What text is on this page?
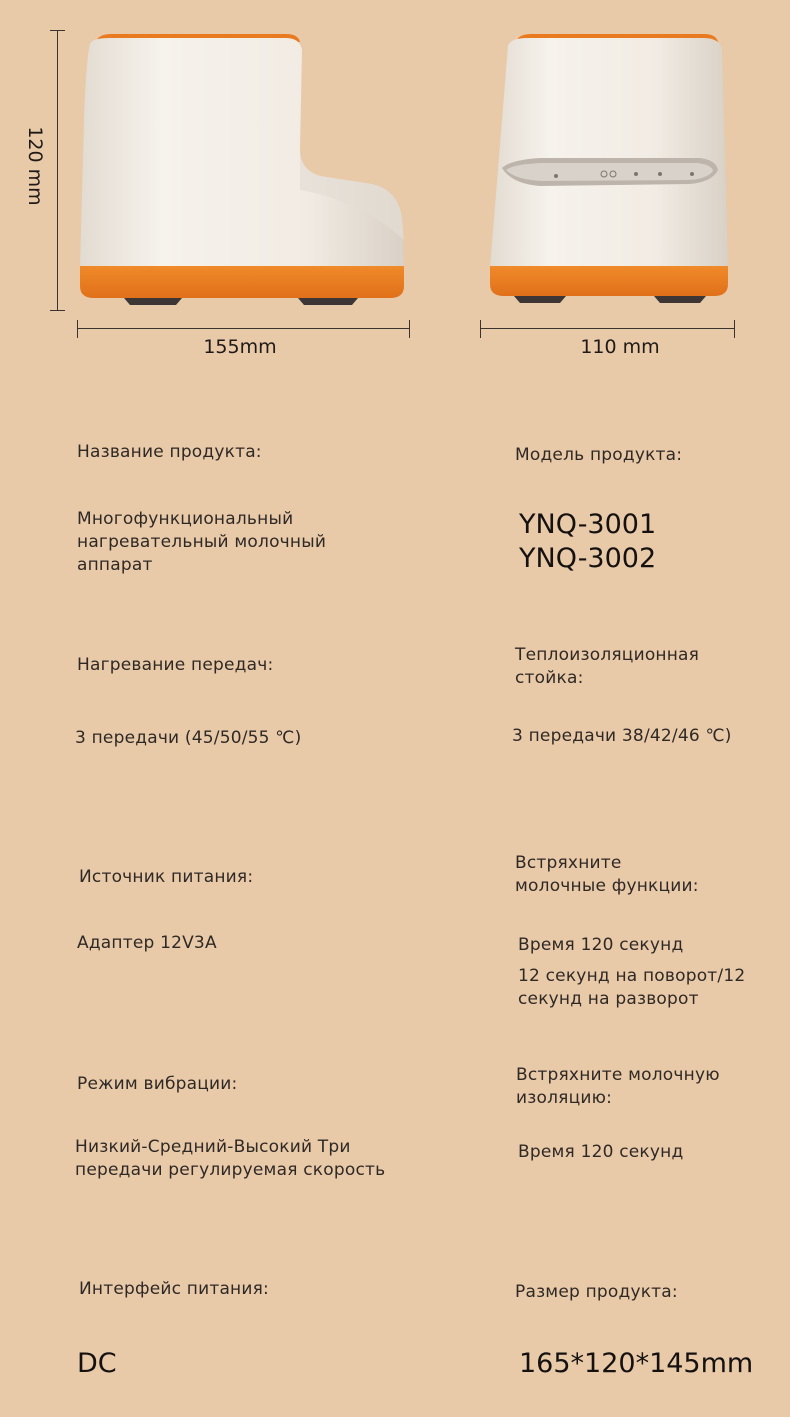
120 mm
155mm	110 mm
Название продукта:
Многофункциональный
нагревательный молочный
аппарат
Модель продукта:
YNQ-3001
YNQ-3002
Нагревание передач:
3 передачи (45/50/55 ℃)
Теплоизоляционная
стойка:
3 передачи 38/42/46 ℃)
Источник питания:
Адаптер 12V3A
Встряхните
молочные функции:
Время 120 секунд
12 секунд на поворот/12
секунд на разворот
Режим вибрации:
Низкий-Средний-Высокий Три
передачи регулируемая скорость
Встряхните молочную
изоляцию:
Время 120 секунд
Интерфейс питания:
DC
Размер продукта:
165*120*145mm
